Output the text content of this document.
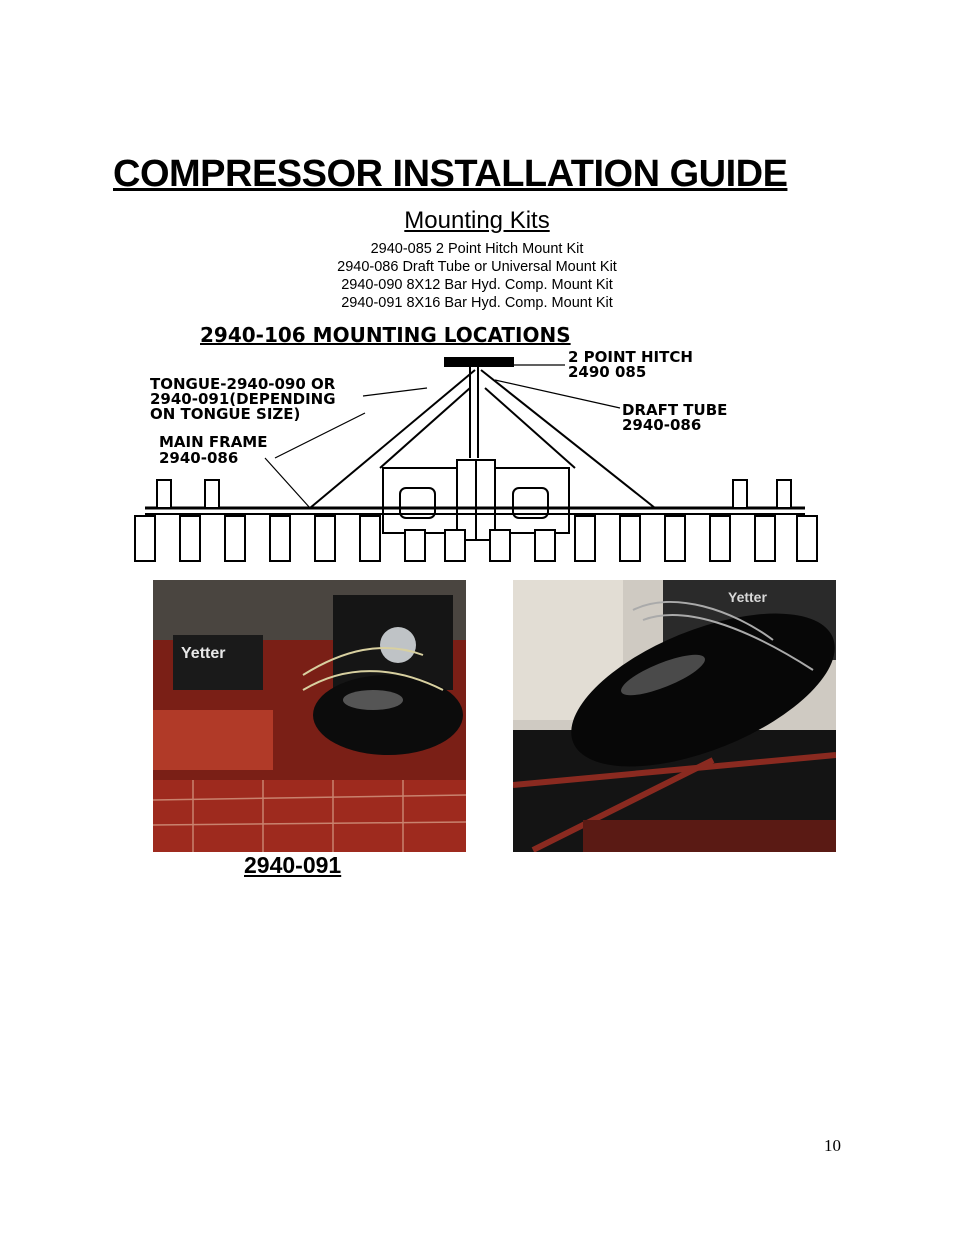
COMPRESSOR INSTALLATION GUIDE
Mounting Kits
2940-085 2 Point Hitch Mount Kit
2940-086 Draft Tube or Universal Mount Kit
2940-090 8X12 Bar Hyd. Comp. Mount Kit
2940-091 8X16 Bar Hyd. Comp. Mount Kit
2940-106 MOUNTING LOCATIONS
2 POINT HITCH
2490 085
TONGUE-2940-090 OR
2940-091(DEPENDING
ON TONGUE SIZE)
MAIN FRAME
2940-086
DRAFT TUBE
2940-086
Yetter
Yetter
2940-091
10
